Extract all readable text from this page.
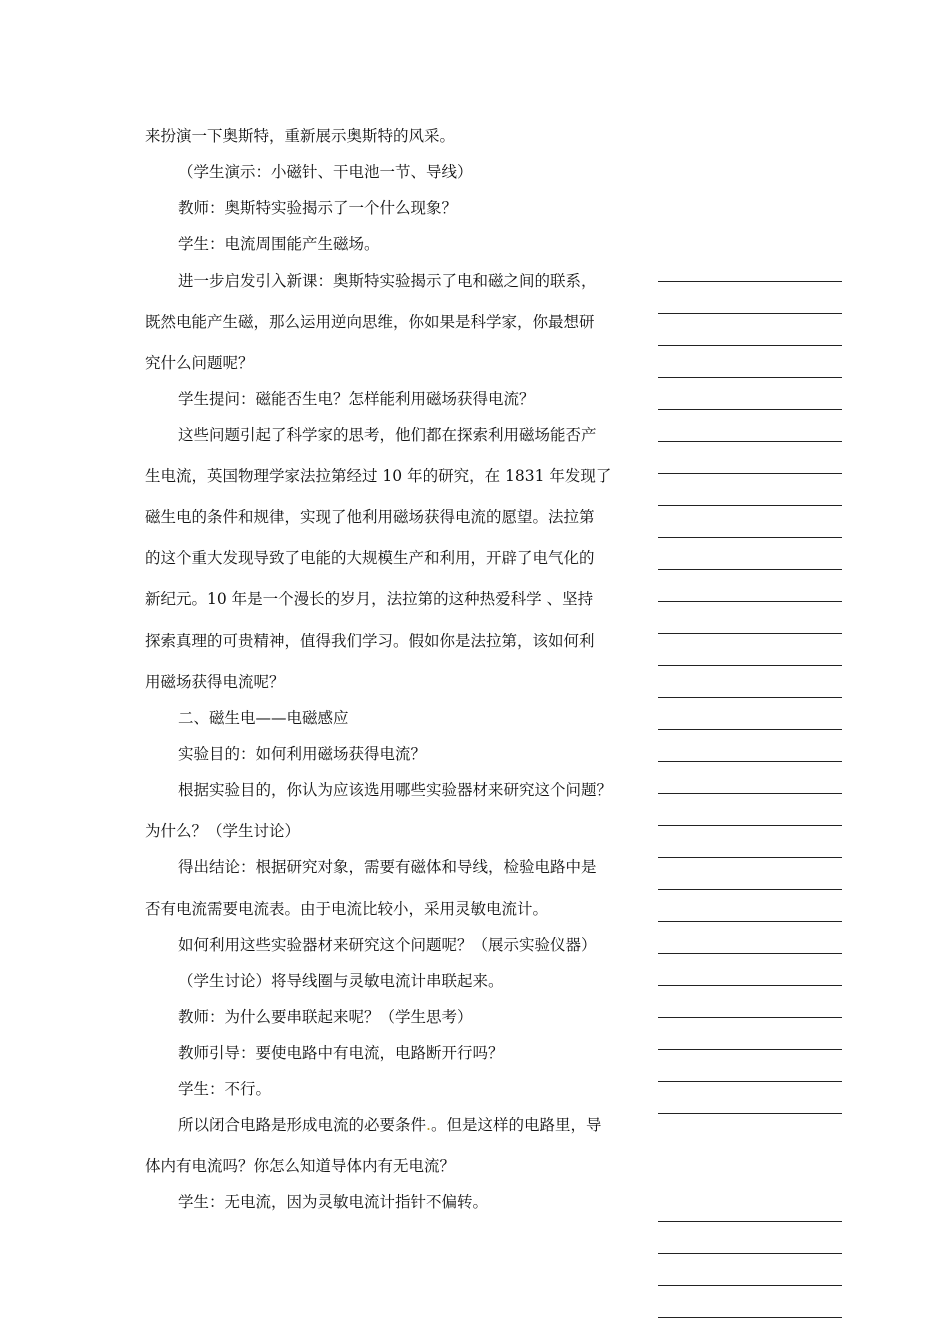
来扮演一下奥斯特，重新展示奥斯特的风采。
（学生演示：小磁针、干电池一节、导线）
教师：奥斯特实验揭示了一个什么现象？
学生：电流周围能产生磁场。
进一步启发引入新课：奥斯特实验揭示了电和磁之间的联系，
既然电能产生磁，那么运用逆向思维，你如果是科学家，你最想研
究什么问题呢？
学生提问：磁能否生电？怎样能利用磁场获得电流？
这些问题引起了科学家的思考，他们都在探索利用磁场能否产
生电流，英国物理学家法拉第经过 10 年的研究，在 1831 年发现了
磁生电的条件和规律，实现了他利用磁场获得电流的愿望。法拉第
的这个重大发现导致了电能的大规模生产和利用，开辟了电气化的
新纪元。10 年是一个漫长的岁月，法拉第的这种热爱科学 、坚持
探索真理的可贵精神，值得我们学习。假如你是法拉第，该如何利
用磁场获得电流呢？
二、磁生电——电磁感应
实验目的：如何利用磁场获得电流？
根据实验目的，你认为应该选用哪些实验器材来研究这个问题？
为什么？（学生讨论）
得出结论：根据研究对象，需要有磁体和导线，检验电路中是
否有电流需要电流表。由于电流比较小，采用灵敏电流计。
如何利用这些实验器材来研究这个问题呢？（展示实验仪器）
（学生讨论）将导线圈与灵敏电流计串联起来。
教师：为什么要串联起来呢？（学生思考）
教师引导：要使电路中有电流，电路断开行吗？
学生：不行。
所以闭合电路是形成电流的必要条件.。但是这样的电路里，导
体内有电流吗？你怎么知道导体内有无电流？
学生：无电流，因为灵敏电流计指针不偏转。
